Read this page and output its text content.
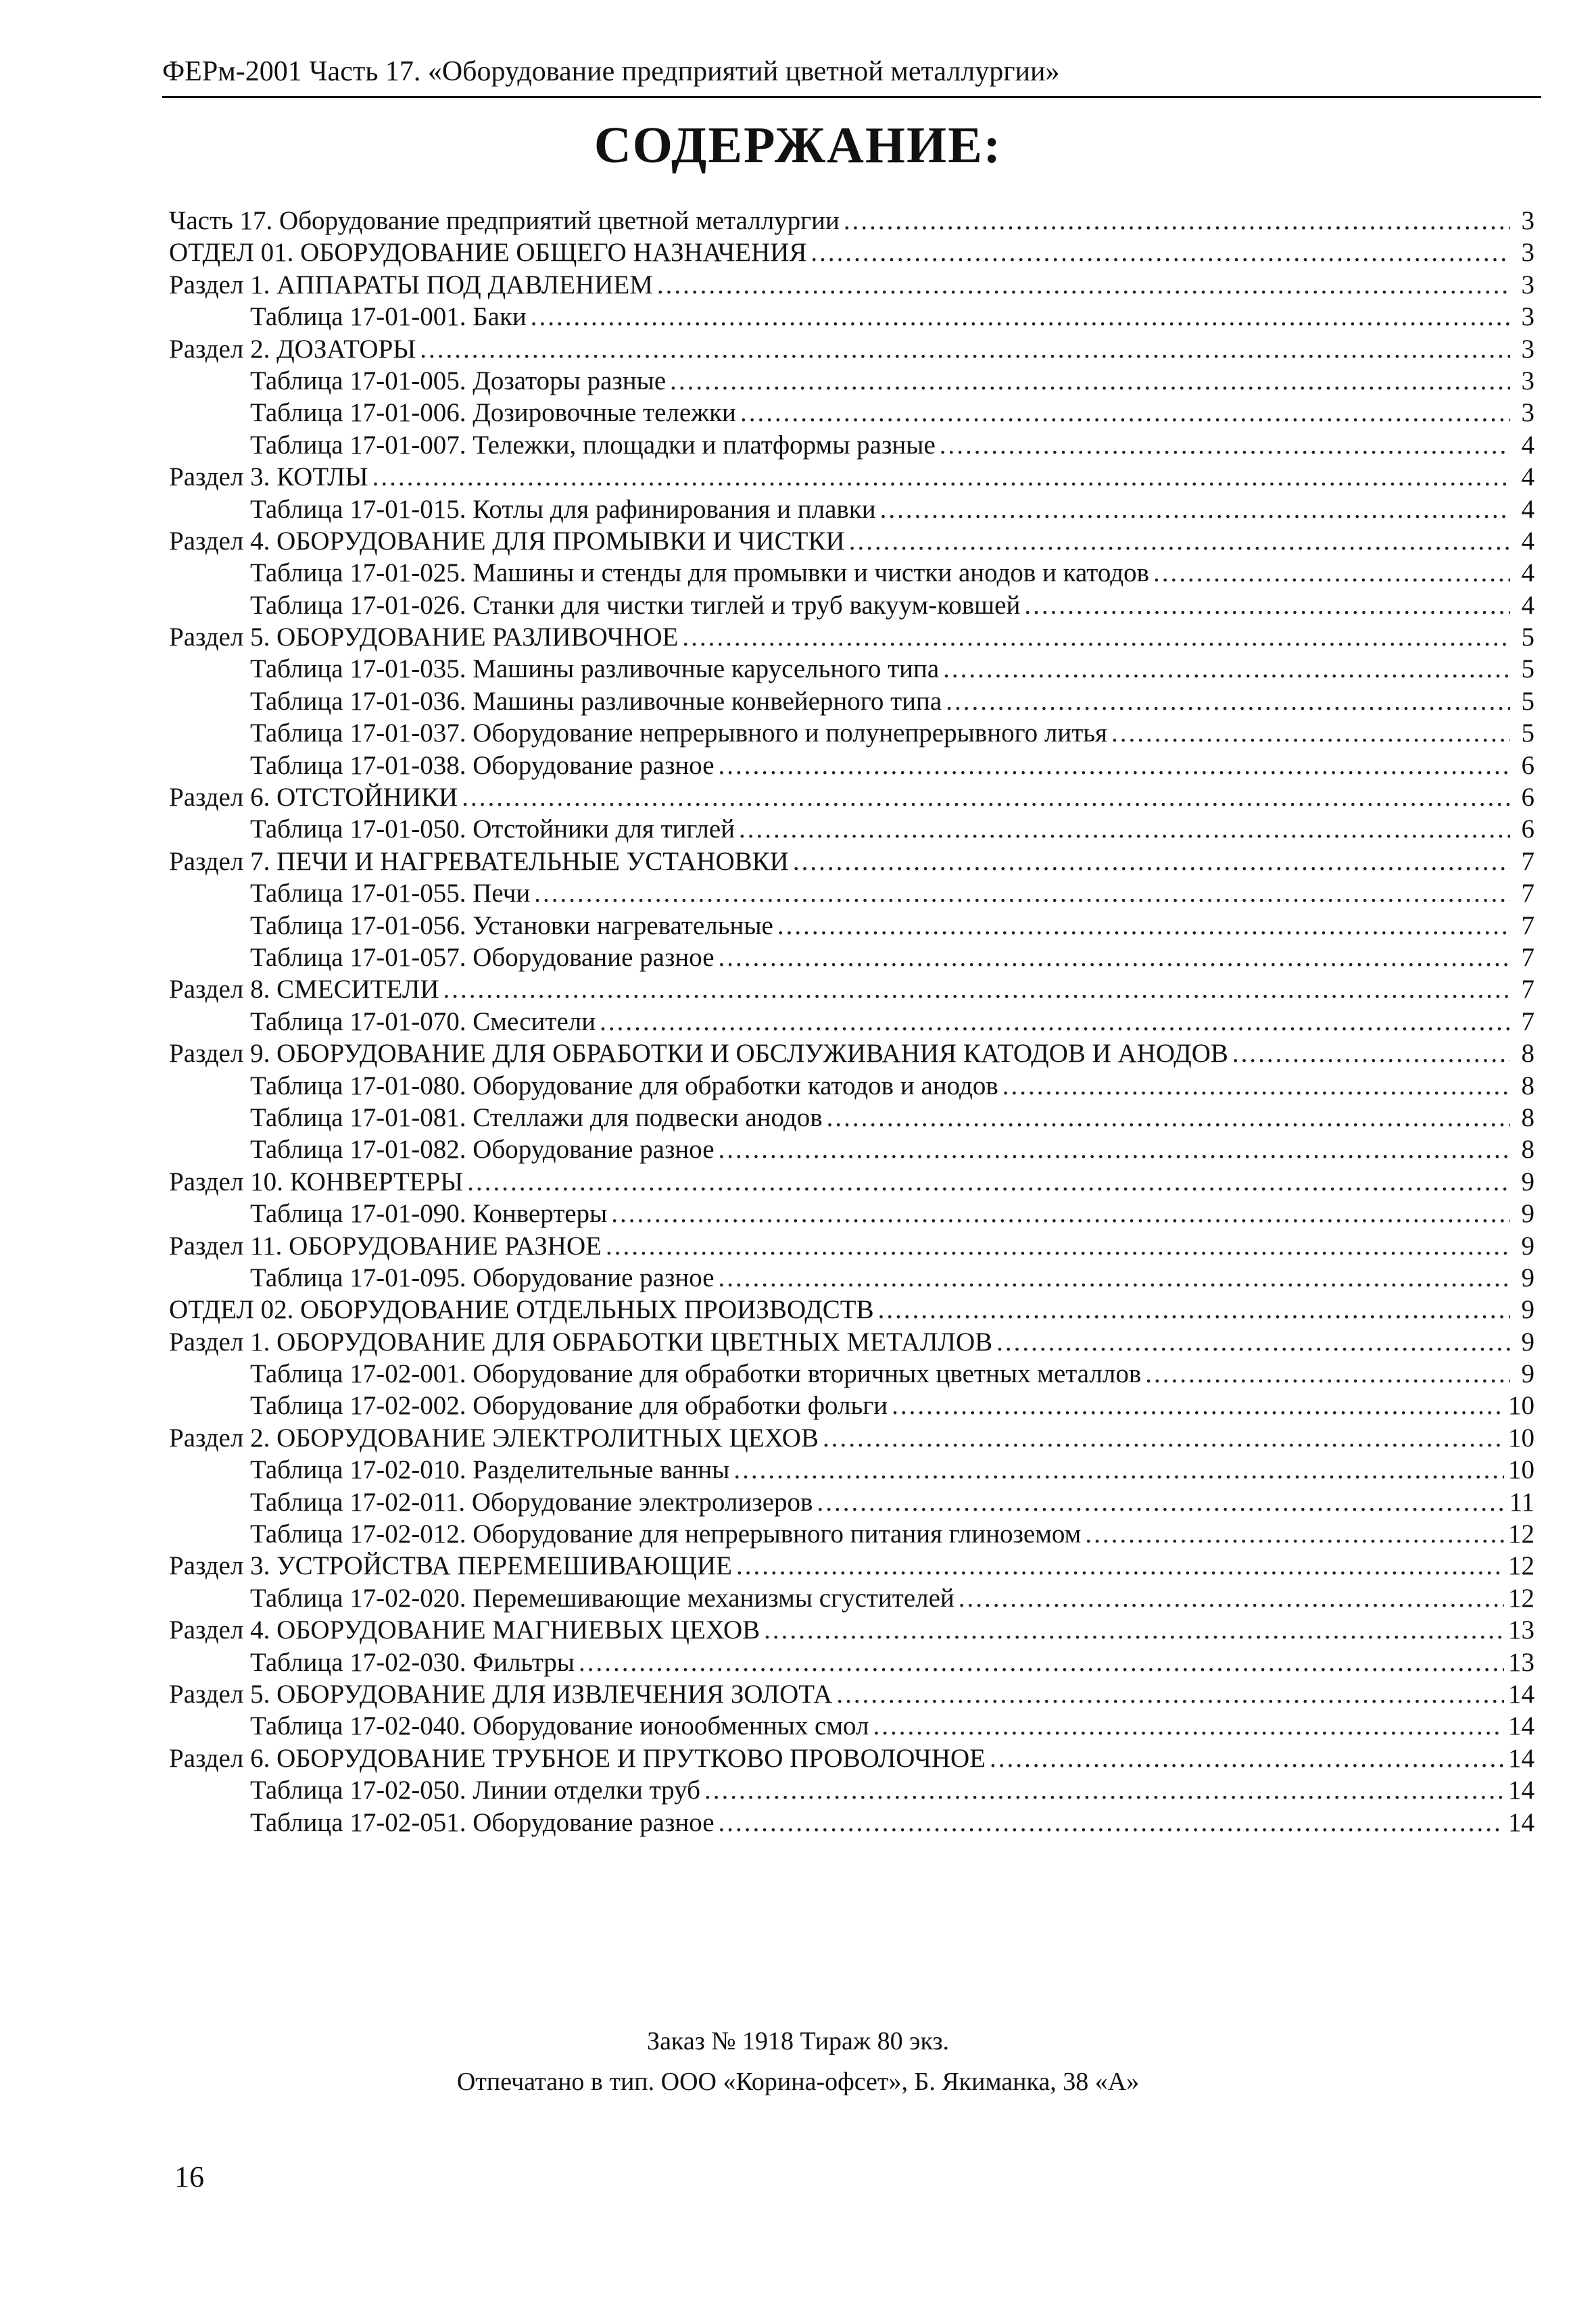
ФЕРм-2001 Часть 17. «Оборудование предприятий цветной металлургии»
СОДЕРЖАНИЕ:
Часть 17. Оборудование предприятий цветной металлургии .....	3
ОТДЕЛ 01. ОБОРУДОВАНИЕ ОБЩЕГО НАЗНАЧЕНИЯ .....	3
Раздел 1. АППАРАТЫ ПОД ДАВЛЕНИЕМ .....	3
Таблица 17-01-001. Баки .....	3
Раздел 2. ДОЗАТОРЫ .....	3
Таблица 17-01-005. Дозаторы разные .....	3
Таблица 17-01-006. Дозировочные тележки .....	3
Таблица 17-01-007. Тележки, площадки и платформы разные .....	4
Раздел 3. КОТЛЫ .....	4
Таблица 17-01-015. Котлы для рафинирования и плавки .....	4
Раздел 4. ОБОРУДОВАНИЕ ДЛЯ ПРОМЫВКИ И ЧИСТКИ .....	4
Таблица 17-01-025. Машины и стенды для промывки и чистки анодов и катодов .....	4
Таблица 17-01-026. Станки для чистки тиглей и труб вакуум-ковшей .....	4
Раздел 5. ОБОРУДОВАНИЕ РАЗЛИВОЧНОЕ .....	5
Таблица 17-01-035. Машины разливочные карусельного типа .....	5
Таблица 17-01-036. Машины разливочные конвейерного типа .....	5
Таблица 17-01-037. Оборудование непрерывного и полунепрерывного литья .....	5
Таблица 17-01-038. Оборудование разное .....	6
Раздел 6. ОТСТОЙНИКИ .....	6
Таблица 17-01-050. Отстойники для тиглей .....	6
Раздел 7. ПЕЧИ И НАГРЕВАТЕЛЬНЫЕ УСТАНОВКИ .....	7
Таблица 17-01-055. Печи .....	7
Таблица 17-01-056. Установки нагревательные .....	7
Таблица 17-01-057. Оборудование разное .....	7
Раздел 8. СМЕСИТЕЛИ .....	7
Таблица 17-01-070. Смесители .....	7
Раздел 9. ОБОРУДОВАНИЕ ДЛЯ ОБРАБОТКИ И ОБСЛУЖИВАНИЯ КАТОДОВ И АНОДОВ .....	8
Таблица 17-01-080. Оборудование для обработки катодов и анодов .....	8
Таблица 17-01-081. Стеллажи для подвески анодов .....	8
Таблица 17-01-082. Оборудование разное .....	8
Раздел 10. КОНВЕРТЕРЫ .....	9
Таблица 17-01-090. Конвертеры .....	9
Раздел 11. ОБОРУДОВАНИЕ РАЗНОЕ .....	9
Таблица 17-01-095. Оборудование разное .....	9
ОТДЕЛ 02. ОБОРУДОВАНИЕ ОТДЕЛЬНЫХ ПРОИЗВОДСТВ .....	9
Раздел 1. ОБОРУДОВАНИЕ ДЛЯ ОБРАБОТКИ ЦВЕТНЫХ МЕТАЛЛОВ .....	9
Таблица 17-02-001. Оборудование для обработки вторичных цветных металлов .....	9
Таблица 17-02-002. Оборудование для обработки фольги .....	10
Раздел 2. ОБОРУДОВАНИЕ ЭЛЕКТРОЛИТНЫХ ЦЕХОВ .....	10
Таблица 17-02-010. Разделительные ванны .....	10
Таблица 17-02-011. Оборудование электролизеров .....	11
Таблица 17-02-012. Оборудование для непрерывного питания глиноземом .....	12
Раздел 3. УСТРОЙСТВА ПЕРЕМЕШИВАЮЩИЕ .....	12
Таблица 17-02-020. Перемешивающие механизмы сгустителей .....	12
Раздел 4. ОБОРУДОВАНИЕ МАГНИЕВЫХ ЦЕХОВ .....	13
Таблица 17-02-030. Фильтры .....	13
Раздел 5. ОБОРУДОВАНИЕ ДЛЯ ИЗВЛЕЧЕНИЯ ЗОЛОТА .....	14
Таблица 17-02-040. Оборудование ионообменных смол .....	14
Раздел 6. ОБОРУДОВАНИЕ ТРУБНОЕ И ПРУТКОВО ПРОВОЛОЧНОЕ .....	14
Таблица 17-02-050. Линии отделки труб .....	14
Таблица 17-02-051. Оборудование разное .....	14
Заказ № 1918 Тираж 80 экз.
Отпечатано в тип. ООО «Корина-офсет», Б. Якиманка, 38 «А»
16
